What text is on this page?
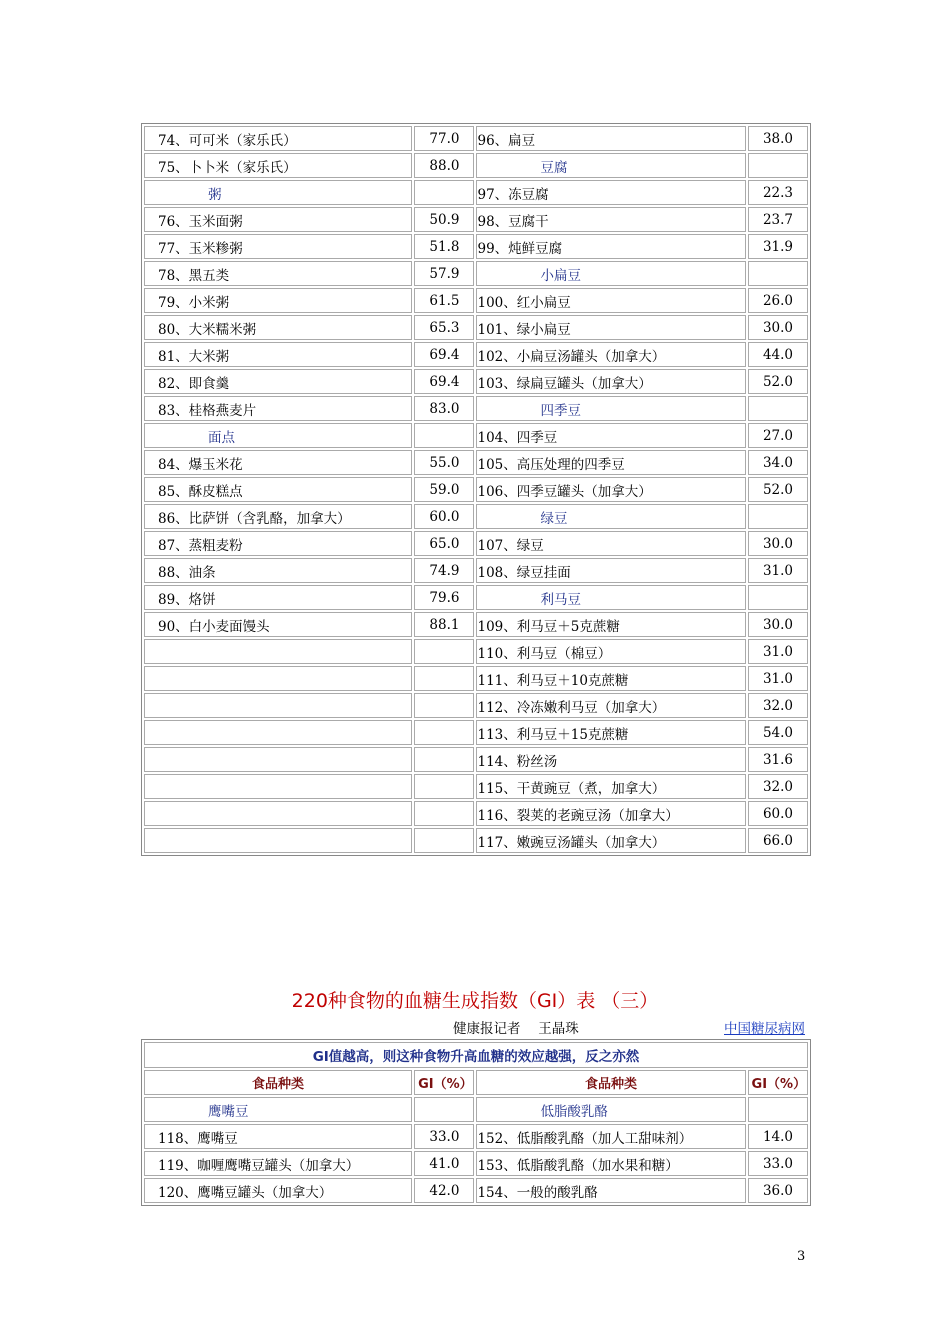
74、可可米（家乐氏）	77.0	96、扁豆	38.0
75、卜卜米（家乐氏）	88.0	豆腐	
粥		97、冻豆腐	22.3
76、玉米面粥	50.9	98、豆腐干	23.7
77、玉米糁粥	51.8	99、炖鲜豆腐	31.9
78、黑五类	57.9	小扁豆	
79、小米粥	61.5	100、红小扁豆	26.0
80、大米糯米粥	65.3	101、绿小扁豆	30.0
81、大米粥	69.4	102、小扁豆汤罐头（加拿大）	44.0
82、即食羹	69.4	103、绿扁豆罐头（加拿大）	52.0
83、桂格燕麦片	83.0	四季豆	
面点		104、四季豆	27.0
84、爆玉米花	55.0	105、高压处理的四季豆	34.0
85、酥皮糕点	59.0	106、四季豆罐头（加拿大）	52.0
86、比萨饼（含乳酪，加拿大）	60.0	绿豆	
87、蒸粗麦粉	65.0	107、绿豆	30.0
88、油条	74.9	108、绿豆挂面	31.0
89、烙饼	79.6	利马豆	
90、白小麦面馒头	88.1	109、利马豆＋5克蔗糖	30.0
		110、利马豆（棉豆）	31.0
		111、利马豆＋10克蔗糖	31.0
		112、冷冻嫩利马豆（加拿大）	32.0
		113、利马豆＋15克蔗糖	54.0
		114、粉丝汤	31.6
		115、干黄豌豆（煮，加拿大）	32.0
		116、裂荚的老豌豆汤（加拿大）	60.0
		117、嫩豌豆汤罐头（加拿大）	66.0
220种食物的血糖生成指数（GI）表 （三）
健康报记者　 王晶珠	中国糖尿病网
GI值越高，则这种食物升高血糖的效应越强，反之亦然			
食品种类	GI（%）	食品种类	GI（%）
鹰嘴豆		低脂酸乳酪	
118、鹰嘴豆	33.0	152、低脂酸乳酪（加人工甜味剂）	14.0
119、咖喱鹰嘴豆罐头（加拿大）	41.0	153、低脂酸乳酪（加水果和糖）	33.0
120、鹰嘴豆罐头（加拿大）	42.0	154、一般的酸乳酪	36.0
3
